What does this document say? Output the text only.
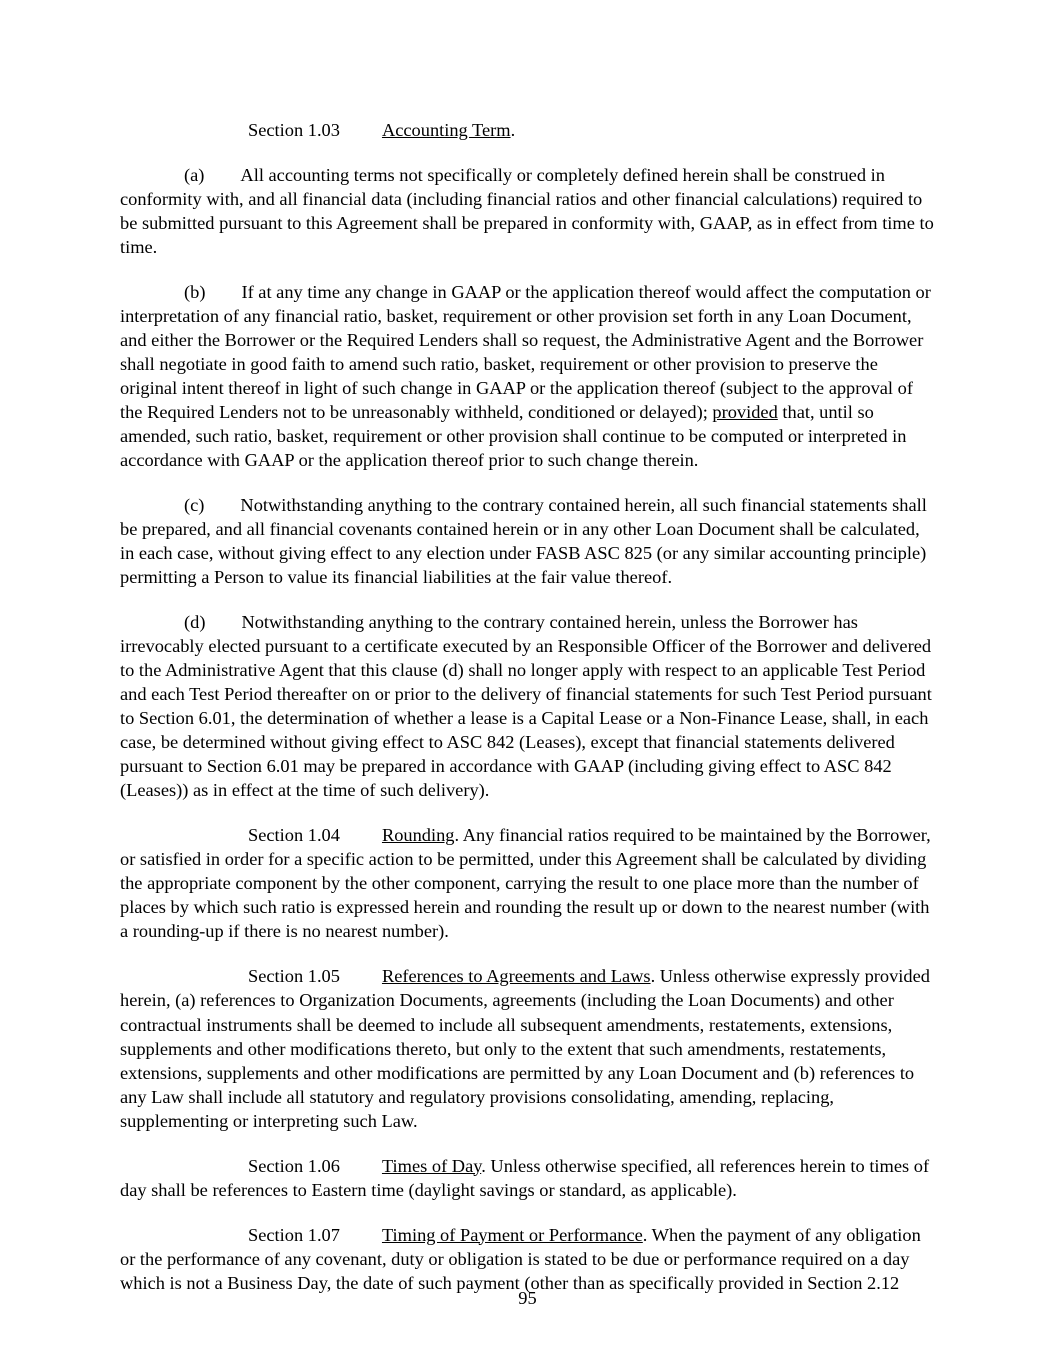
Section 1.03 Accounting Term.

(a) All accounting terms not specifically or completely defined herein shall be construed in conformity with, and all financial data (including financial ratios and other financial calculations) required to be submitted pursuant to this Agreement shall be prepared in conformity with, GAAP, as in effect from time to time.

(b) If at any time any change in GAAP or the application thereof would affect the computation or interpretation of any financial ratio, basket, requirement or other provision set forth in any Loan Document, and either the Borrower or the Required Lenders shall so request, the Administrative Agent and the Borrower shall negotiate in good faith to amend such ratio, basket, requirement or other provision to preserve the original intent thereof in light of such change in GAAP or the application thereof (subject to the approval of the Required Lenders not to be unreasonably withheld, conditioned or delayed); provided that, until so amended, such ratio, basket, requirement or other provision shall continue to be computed or interpreted in accordance with GAAP or the application thereof prior to such change therein.

(c) Notwithstanding anything to the contrary contained herein, all such financial statements shall be prepared, and all financial covenants contained herein or in any other Loan Document shall be calculated, in each case, without giving effect to any election under FASB ASC 825 (or any similar accounting principle) permitting a Person to value its financial liabilities at the fair value thereof.

(d) Notwithstanding anything to the contrary contained herein, unless the Borrower has irrevocably elected pursuant to a certificate executed by an Responsible Officer of the Borrower and delivered to the Administrative Agent that this clause (d) shall no longer apply with respect to an applicable Test Period and each Test Period thereafter on or prior to the delivery of financial statements for such Test Period pursuant to Section 6.01, the determination of whether a lease is a Capital Lease or a Non-Finance Lease, shall, in each case, be determined without giving effect to ASC 842 (Leases), except that financial statements delivered pursuant to Section 6.01 may be prepared in accordance with GAAP (including giving effect to ASC 842 (Leases)) as in effect at the time of such delivery).

Section 1.04 Rounding. Any financial ratios required to be maintained by the Borrower, or satisfied in order for a specific action to be permitted, under this Agreement shall be calculated by dividing the appropriate component by the other component, carrying the result to one place more than the number of places by which such ratio is expressed herein and rounding the result up or down to the nearest number (with a rounding-up if there is no nearest number).

Section 1.05 References to Agreements and Laws. Unless otherwise expressly provided herein, (a) references to Organization Documents, agreements (including the Loan Documents) and other contractual instruments shall be deemed to include all subsequent amendments, restatements, extensions, supplements and other modifications thereto, but only to the extent that such amendments, restatements, extensions, supplements and other modifications are permitted by any Loan Document and (b) references to any Law shall include all statutory and regulatory provisions consolidating, amending, replacing, supplementing or interpreting such Law.

Section 1.06 Times of Day. Unless otherwise specified, all references herein to times of day shall be references to Eastern time (daylight savings or standard, as applicable).

Section 1.07 Timing of Payment or Performance. When the payment of any obligation or the performance of any covenant, duty or obligation is stated to be due or performance required on a day which is not a Business Day, the date of such payment (other than as specifically provided in Section 2.12

95
